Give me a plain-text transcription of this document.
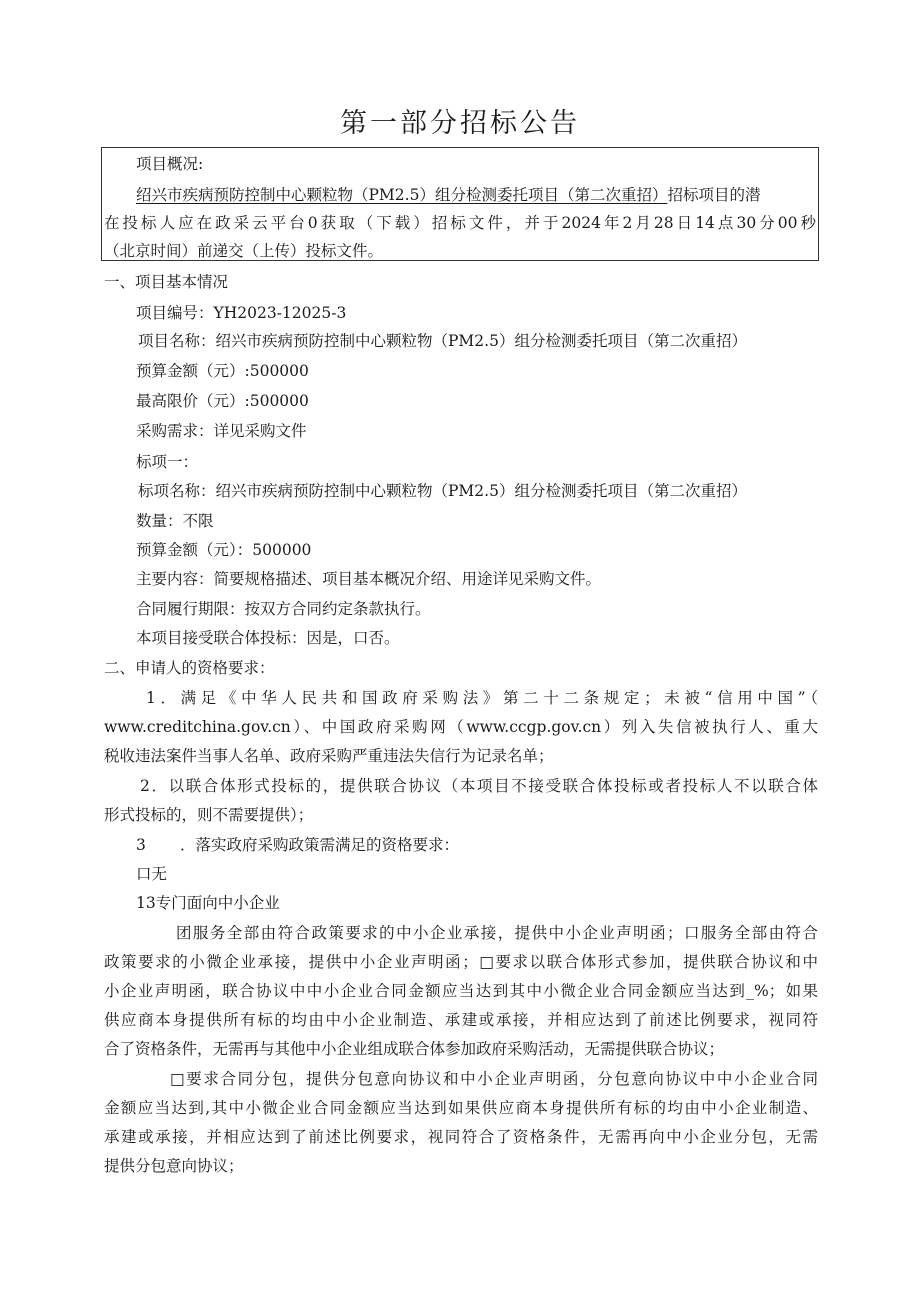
第一部分招标公告
项目概况:
绍兴市疾病预防控制中心颗粒物（PM2.5）组分检测委托项目（第二次重招）招标项目的潜
在投标人应在政采云平台0获取（下载）招标文件，并于2024年2月28日14点30分00秒
（北京时间）前递交（上传）投标文件。
一、项目基本情况
项目编号：YH2023-12025-3
项目名称：绍兴市疾病预防控制中心颗粒物（PM2.5）组分检测委托项目（第二次重招）
预算金额（元）:500000
最高限价（元）:500000
采购需求：详见采购文件
标项一：
标项名称：绍兴市疾病预防控制中心颗粒物（PM2.5）组分检测委托项目（第二次重招）
数量：不限
预算金额（元）：500000
主要内容：简要规格描述、项目基本概况介绍、用途详见采购文件。
合同履行期限：按双方合同约定条款执行。
本项目接受联合体投标：因是，口否。
二、申请人的资格要求：
1．满足《中华人民共和国政府采购法》第二十二条规定；未被“信用中国”（
www.creditchina.gov.cn）、中国政府采购网（www.ccgp.gov.cn）列入失信被执行人、重大
税收违法案件当事人名单、政府采购严重违法失信行为记录名单；
2．以联合体形式投标的，提供联合协议（本项目不接受联合体投标或者投标人不以联合体
形式投标的，则不需要提供）；
3 ．落实政府采购政策需满足的资格要求：
口无
13专门面向中小企业
团服务全部由符合政策要求的中小企业承接，提供中小企业声明函；口服务全部由符合
政策要求的小微企业承接，提供中小企业声明函；□要求以联合体形式参加，提供联合协议和中
小企业声明函，联合协议中中小企业合同金额应当达到其中小微企业合同金额应当达到_%；如果
供应商本身提供所有标的均由中小企业制造、承建或承接，并相应达到了前述比例要求，视同符
合了资格条件，无需再与其他中小企业组成联合体参加政府采购活动，无需提供联合协议；
□要求合同分包，提供分包意向协议和中小企业声明函，分包意向协议中中小企业合同
金额应当达到,其中小微企业合同金额应当达到如果供应商本身提供所有标的均由中小企业制造、
承建或承接，并相应达到了前述比例要求，视同符合了资格条件，无需再向中小企业分包，无需
提供分包意向协议；
